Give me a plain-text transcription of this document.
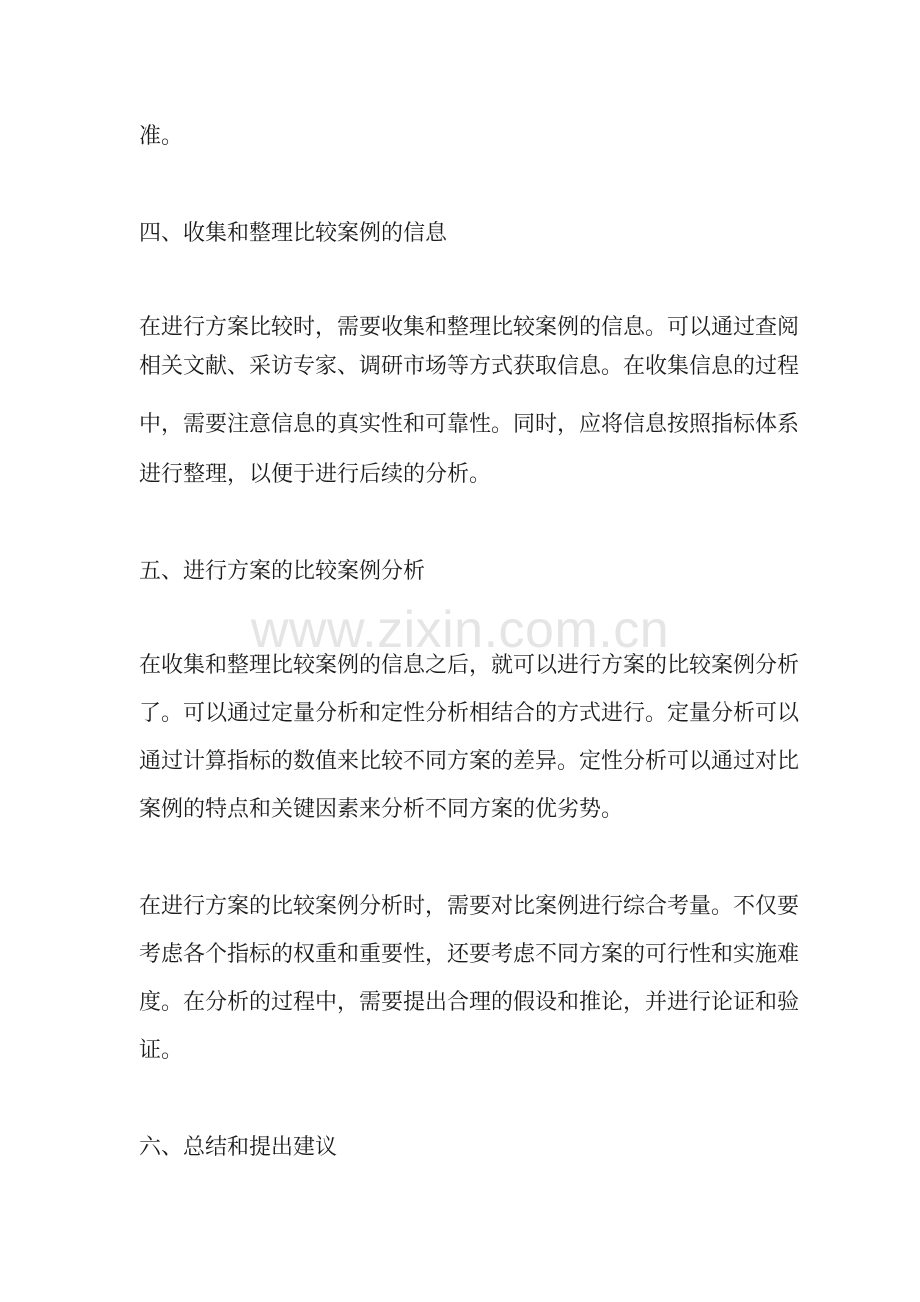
准。
四、收集和整理比较案例的信息
在进行方案比较时，需要收集和整理比较案例的信息。可以通过查阅
相关文献、采访专家、调研市场等方式获取信息。在收集信息的过程
中，需要注意信息的真实性和可靠性。同时，应将信息按照指标体系
进行整理，以便于进行后续的分析。
五、进行方案的比较案例分析
在收集和整理比较案例的信息之后，就可以进行方案的比较案例分析
了。可以通过定量分析和定性分析相结合的方式进行。定量分析可以
通过计算指标的数值来比较不同方案的差异。定性分析可以通过对比
案例的特点和关键因素来分析不同方案的优劣势。
在进行方案的比较案例分析时，需要对比案例进行综合考量。不仅要
考虑各个指标的权重和重要性，还要考虑不同方案的可行性和实施难
度。在分析的过程中，需要提出合理的假设和推论，并进行论证和验
证。
六、总结和提出建议
www.zixin.com.cn
